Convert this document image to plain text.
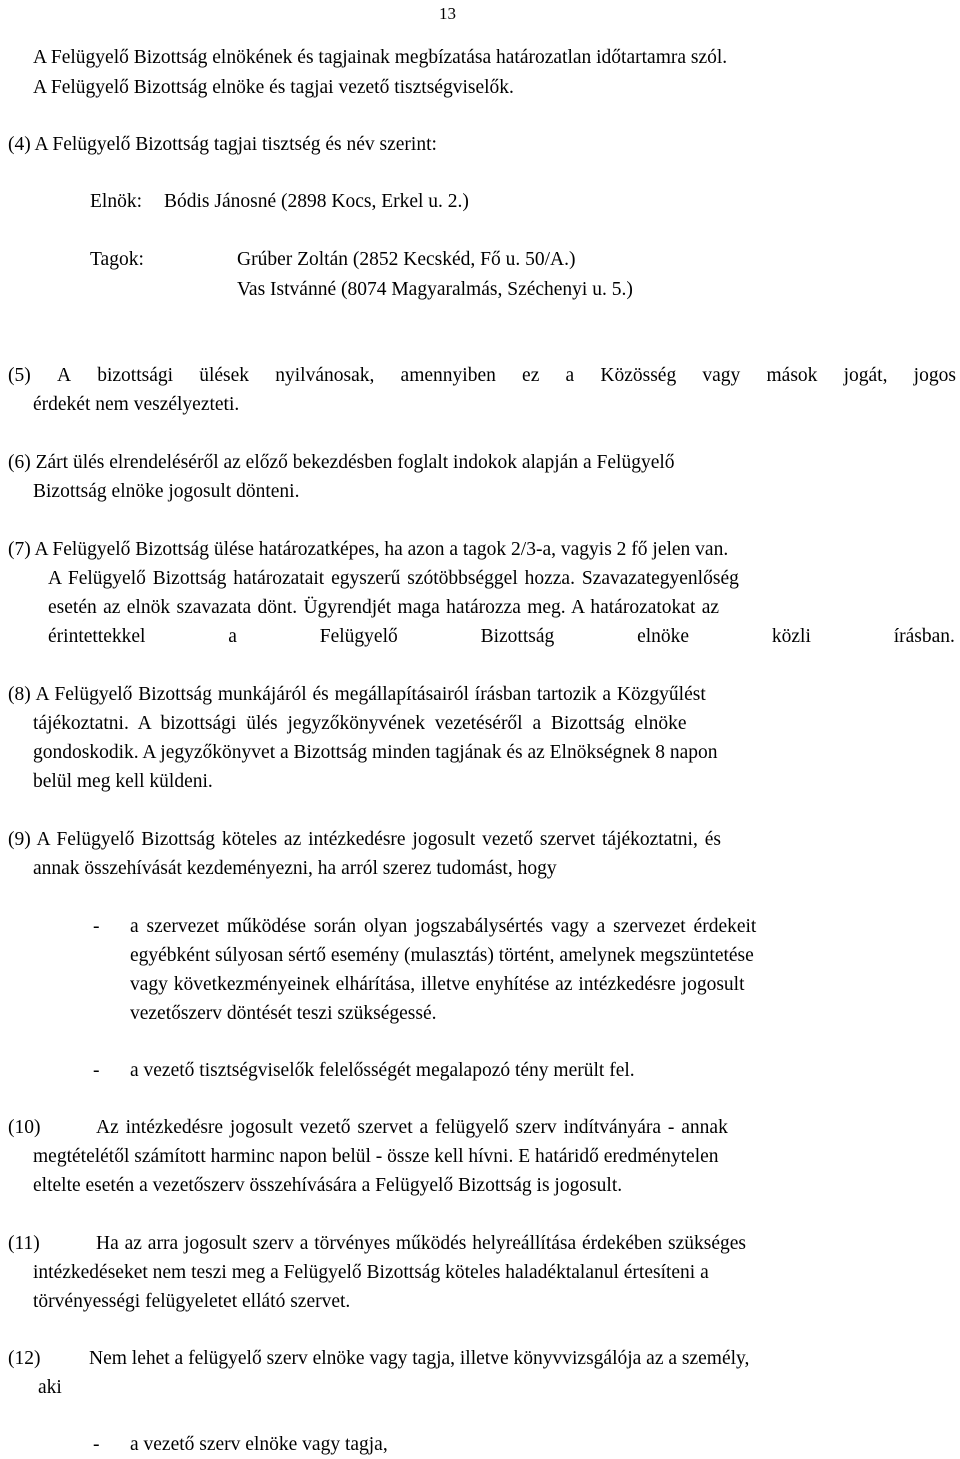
13
A Felügyelő Bizottság elnökének és tagjainak megbízatása határozatlan időtartamra szól.
A Felügyelő Bizottság elnöke és tagjai vezető tisztségviselők.
(4) A Felügyelő Bizottság tagjai tisztség és név szerint:
Elnök: Bódis Jánosné (2898 Kocs, Erkel u. 2.)
Tagok:	Grúber Zoltán (2852 Kecskéd, Fő u. 50/A.)
Vas Istvánné (8074 Magyaralmás, Széchenyi u. 5.)
(5) A bizottsági ülések nyilvánosak, amennyiben ez a Közösség vagy mások jogát, jogos
érdekét nem veszélyezteti.
(6) Zárt ülés elrendeléséről az előző bekezdésben foglalt indokok alapján a Felügyelő
Bizottság elnöke jogosult dönteni.
(7) A Felügyelő Bizottság ülése határozatképes, ha azon a tagok 2/3-a, vagyis 2 fő jelen van.
A Felügyelő Bizottság határozatait egyszerű szótöbbséggel hozza. Szavazategyenlőség
esetén az elnök szavazata dönt. Ügyrendjét maga határozza meg. A határozatokat az
érintettekkel	a	Felügyelő	Bizottság	elnöke	közli	írásban.
(8) A Felügyelő Bizottság munkájáról és megállapításairól írásban tartozik a Közgyűlést
tájékoztatni. A bizottsági ülés jegyzőkönyvének vezetéséről a Bizottság elnöke
gondoskodik. A jegyzőkönyvet a Bizottság minden tagjának és az Elnökségnek 8 napon
belül meg kell küldeni.
(9) A Felügyelő Bizottság köteles az intézkedésre jogosult vezető szervet tájékoztatni, és
annak összehívását kezdeményezni, ha arról szerez tudomást, hogy
- a szervezet működése során olyan jogszabálysértés vagy a szervezet érdekeit
egyébként súlyosan sértő esemény (mulasztás) történt, amelynek megszüntetése
vagy következményeinek elhárítása, illetve enyhítése az intézkedésre jogosult
vezetőszerv döntését teszi szükségessé.
- a vezető tisztségviselők felelősségét megalapozó tény merült fel.
(10)	Az intézkedésre jogosult vezető szervet a felügyelő szerv indítványára - annak
megtételétől számított harminc napon belül - össze kell hívni. E határidő eredménytelen
eltelte esetén a vezetőszerv összehívására a Felügyelő Bizottság is jogosult.
(11)	Ha az arra jogosult szerv a törvényes működés helyreállítása érdekében szükséges
intézkedéseket nem teszi meg a Felügyelő Bizottság köteles haladéktalanul értesíteni a
törvényességi felügyeletet ellátó szervet.
(12) Nem lehet a felügyelő szerv elnöke vagy tagja, illetve könyvvizsgálója az a személy,
aki
- a vezető szerv elnöke vagy tagja,
